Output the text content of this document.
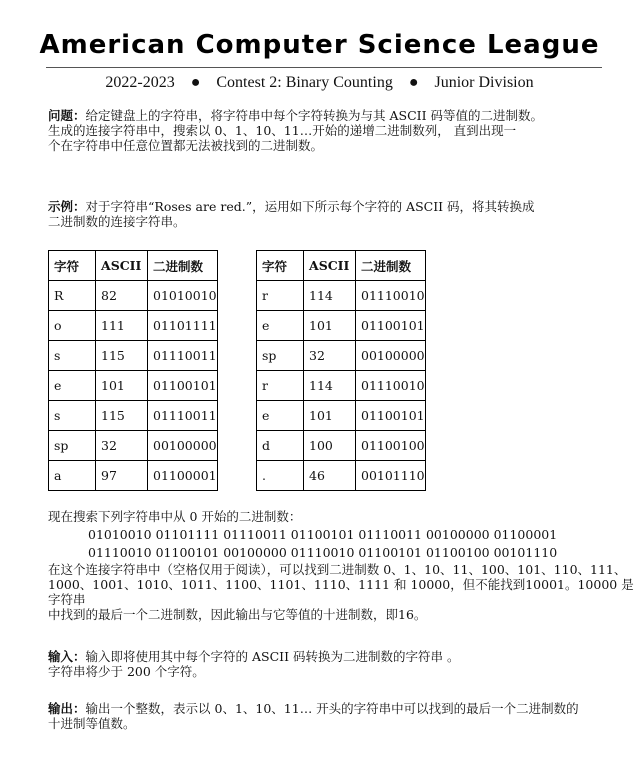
American Computer Science League
2022-2023 ● Contest 2: Binary Counting ● Junior Division
问题：给定键盘上的字符串，将字符串中每个字符转换为与其 ASCII 码等值的二进制数。
生成的连接字符串中，搜索以 0、1、10、11…开始的递增二进制数列， 直到出现一
个在字符串中任意位置都无法被找到的二进制数。
示例：对于字符串“Roses are red.”，运用如下所示每个字符的 ASCII 码，将其转换成
二进制数的连接字符串。
字符	ASCII	二进制数
R	82	01010010
o	111	01101111
s	115	01110011
e	101	01100101
s	115	01110011
sp	32	00100000
a	97	01100001
字符	ASCII	二进制数
r	114	01110010
e	101	01100101
sp	32	00100000
r	114	01110010
e	101	01100101
d	100	01100100
.	46	00101110
现在搜索下列字符串中从 0 开始的二进制数：
01010010 01101111 01110011 01100101 01110011 00100000 01100001
01110010 01100101 00100000 01110010 01100101 01100100 00101110
在这个连接字符串中（空格仅用于阅读），可以找到二进制数 0、1、10、11、100、101、110、111、
1000、1001、1010、1011、1100、1101、1110、1111 和 10000，但不能找到10001。10000 是字符串
中找到的最后一个二进制数，因此输出与它等值的十进制数，即16。
输入：输入即将使用其中每个字符的 ASCII 码转换为二进制数的字符串 。
字符串将少于 200 个字符。
输出：输出一个整数，表示以 0、1、10、11… 开头的字符串中可以找到的最后一个二进制数的
十进制等值数。
